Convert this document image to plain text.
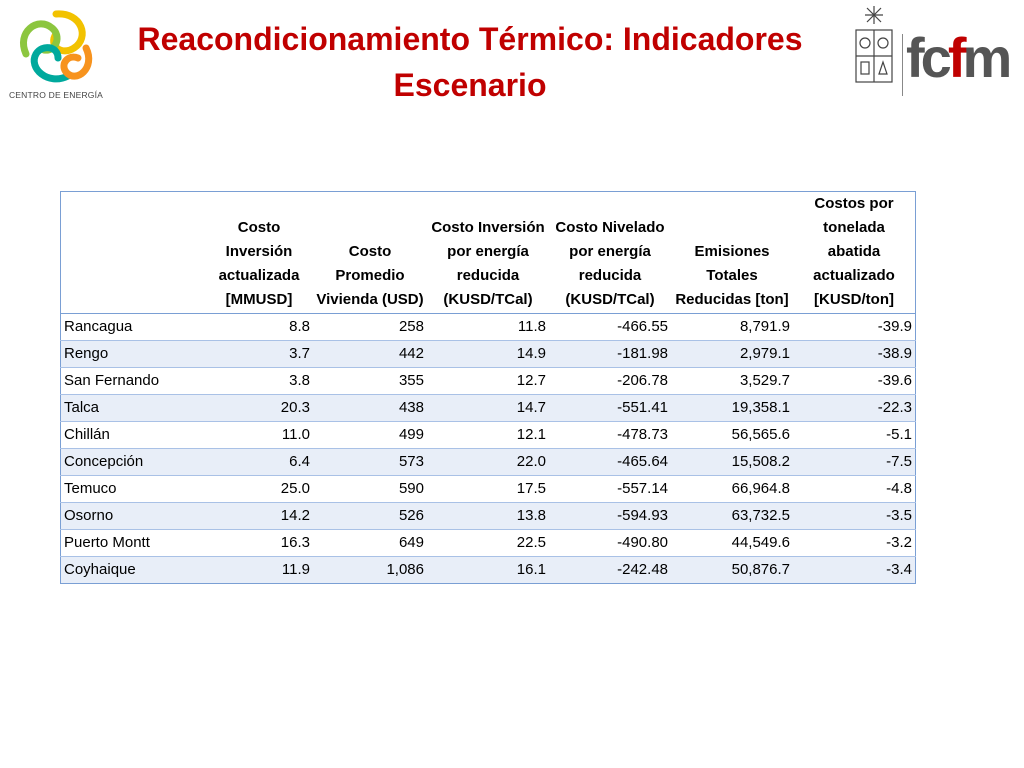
CENTRO DE ENERGÍA
Reacondicionamiento Térmico: Indicadores Escenario	fcfm
	Costo Inversión actualizada [MMUSD]	Costo Promedio Vivienda (USD)	Costo Inversión por energía reducida (KUSD/TCal)	Costo Nivelado por energía reducida (KUSD/TCal)	Emisiones Totales Reducidas [ton]	Costos por tonelada abatida actualizado [KUSD/ton]
Rancagua	8.8	258	11.8	-466.55	8,791.9	-39.9
Rengo	3.7	442	14.9	-181.98	2,979.1	-38.9
San Fernando	3.8	355	12.7	-206.78	3,529.7	-39.6
Talca	20.3	438	14.7	-551.41	19,358.1	-22.3
Chillán	11.0	499	12.1	-478.73	56,565.6	-5.1
Concepción	6.4	573	22.0	-465.64	15,508.2	-7.5
Temuco	25.0	590	17.5	-557.14	66,964.8	-4.8
Osorno	14.2	526	13.8	-594.93	63,732.5	-3.5
Puerto Montt	16.3	649	22.5	-490.80	44,549.6	-3.2
Coyhaique	11.9	1,086	16.1	-242.48	50,876.7	-3.4
